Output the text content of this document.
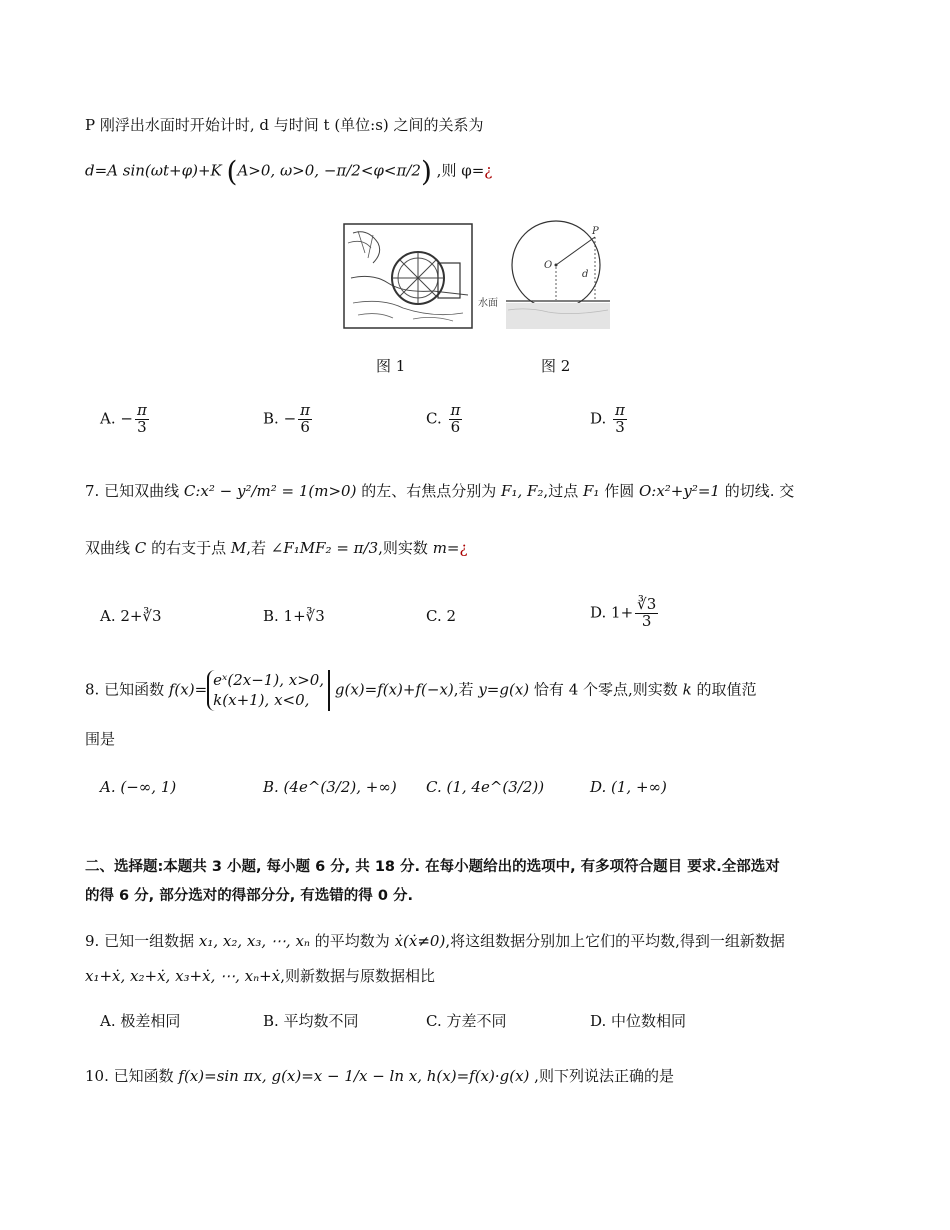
P 刚浮出水面时开始计时, d 与时间 t (单位:s) 之间的关系为
d=A sin(ωt+φ)+K (A>0, ω>0, −π/2<φ<π/2) ,则 φ=¿
水面
O
P
d
图 1	图 2
A. − $\frac{\pi}{3}$	B. − $\frac{\pi}{6}$	C. $\frac{\pi}{6}$	D. $\frac{\pi}{3}$
7. 已知双曲线 C:x² − y²/m² = 1(m>0) 的左、右焦点分别为 F₁, F₂,过点 F₁ 作圆 O:x²+y²=1 的切线. 交
双曲线 C 的右支于点 M,若 ∠F₁MF₂ = π/3,则实数 m=¿
A. 2+∛3	B. 1+∛3	C. 2	D. $1+ \frac{∛3}{3}$
8. 已知函数 f(x)=
eˣ(2x−1), x>0,
k(x+1), x<0,
g(x)=f(x)+f(−x),若 y=g(x) 恰有 4 个零点,则实数 k 的取值范
围是
A. (−∞, 1)	B. (4e^(3/2), +∞) C. (1, 4e^(3/2))	D. (1, +∞)
二、选择题:本题共 3 小题, 每小题 6 分, 共 18 分. 在每小题给出的选项中, 有多项符合题目 要求.全部选对
的得 6 分, 部分选对的得部分分, 有选错的得 0 分.
9. 已知一组数据 x₁, x₂, x₃, ⋯, xₙ 的平均数为 ẋ(ẋ≠0),将这组数据分别加上它们的平均数,得到一组新数据
x₁+ẋ, x₂+ẋ, x₃+ẋ, ⋯, xₙ+ẋ,则新数据与原数据相比
A. 极差相同	B. 平均数不同	C. 方差不同	D. 中位数相同
10. 已知函数 f(x)=sin πx, g(x)=x − 1/x − ln x, h(x)=f(x)·g(x) ,则下列说法正确的是
